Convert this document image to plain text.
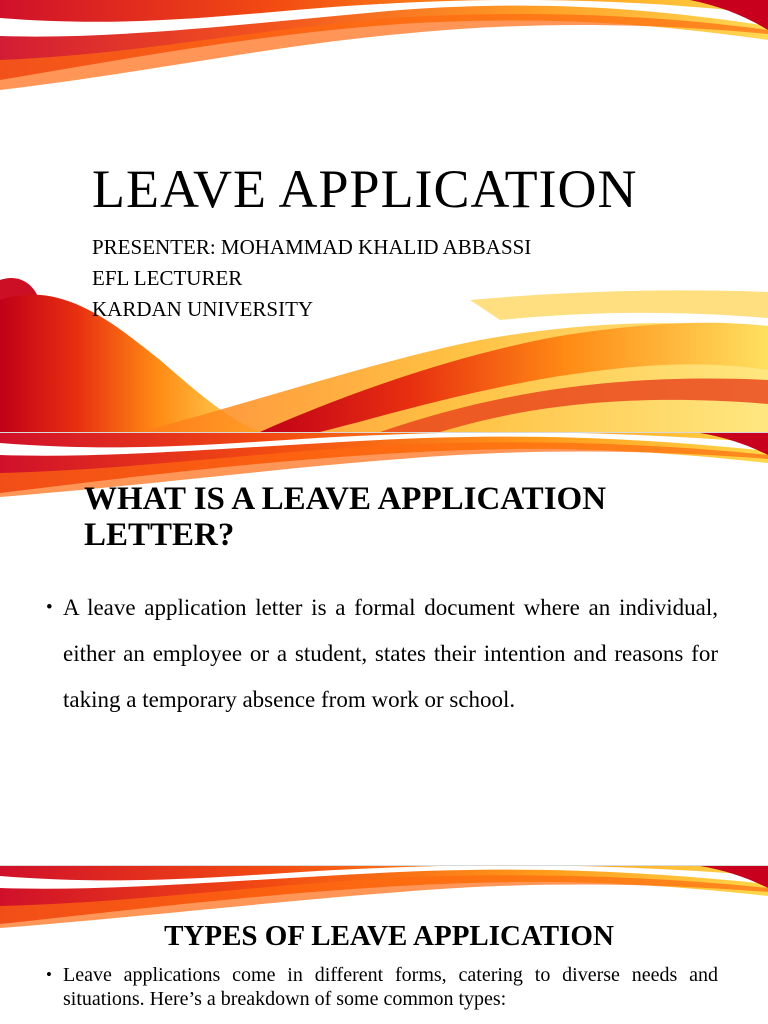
LEAVE APPLICATION
PRESENTER: MOHAMMAD KHALID ABBASSI
EFL LECTURER
KARDAN UNIVERSITY
WHAT IS A LEAVE APPLICATION LETTER?
• A leave application letter is a formal document where an individual, either an employee or a student, states their intention and reasons for taking a temporary absence from work or school.
TYPES OF LEAVE APPLICATION
• Leave applications come in different forms, catering to diverse needs and situations. Here’s a breakdown of some common types:
